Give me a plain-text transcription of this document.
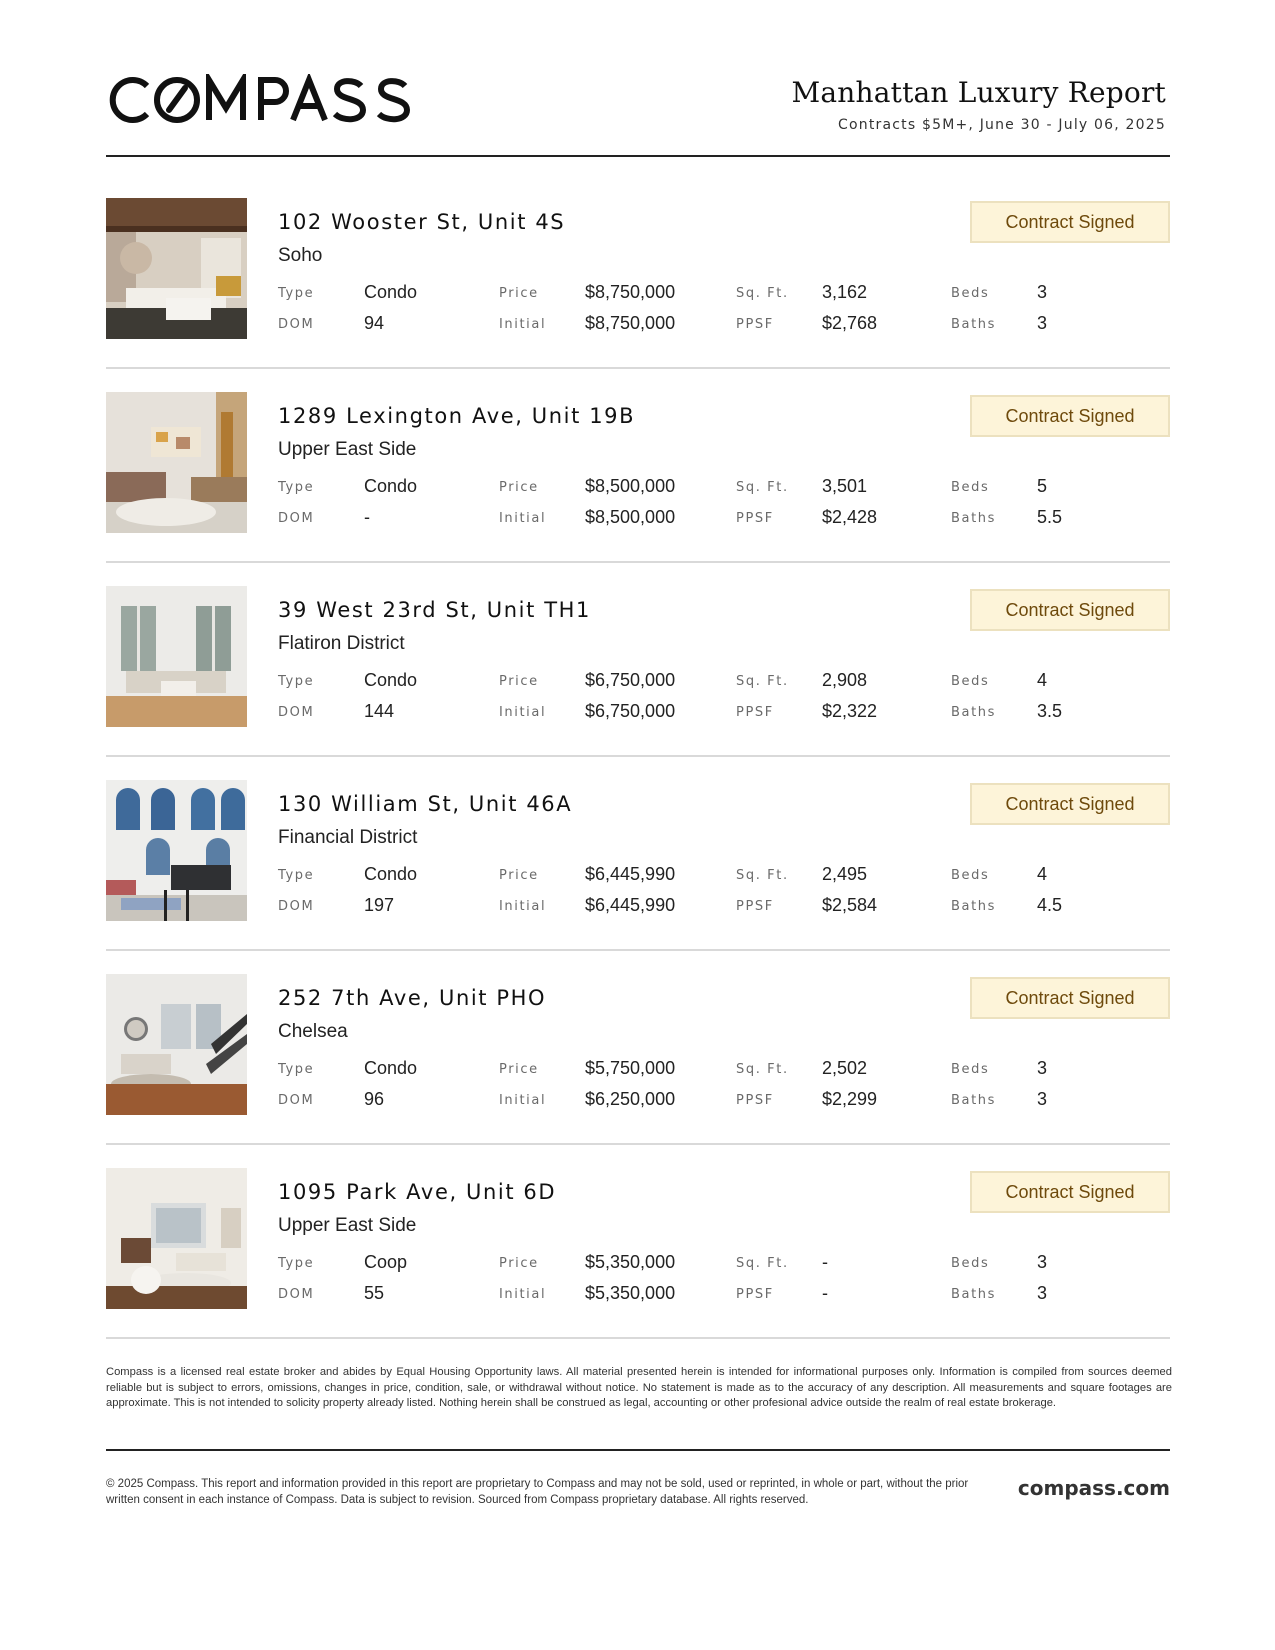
Manhattan Luxury Report
Contracts $5M+, June 30 - July 06, 2025
102 Wooster St, Unit 4S
Soho
Contract Signed
Type	Condo	Price	$8,750,000	Sq. Ft. 3,162	Beds	3
DOM	94	Initial $8,750,000	PPSF	$2,768	Baths 3
1289 Lexington Ave, Unit 19B
Upper East Side
Contract Signed
Type	Condo	Price	$8,500,000	Sq. Ft. 3,501	Beds	5
DOM	-	Initial $8,500,000	PPSF	$2,428	Baths 5.5
39 West 23rd St, Unit TH1
Flatiron District
Contract Signed
Type	Condo	Price	$6,750,000	Sq. Ft. 2,908	Beds	4
DOM	144	Initial $6,750,000	PPSF	$2,322	Baths 3.5
130 William St, Unit 46A
Financial District
Contract Signed
Type	Condo	Price	$6,445,990	Sq. Ft. 2,495	Beds	4
DOM	197	Initial $6,445,990	PPSF	$2,584	Baths 4.5
252 7th Ave, Unit PHO
Chelsea
Contract Signed
Type	Condo	Price	$5,750,000	Sq. Ft. 2,502	Beds	3
DOM	96	Initial $6,250,000	PPSF	$2,299	Baths 3
1095 Park Ave, Unit 6D
Upper East Side
Contract Signed
Type	Coop	Price	$5,350,000	Sq. Ft. -	Beds	3
DOM	55	Initial $5,350,000	PPSF	-	Baths 3
Compass is a licensed real estate broker and abides by Equal Housing Opportunity laws. All material presented herein is intended for informational purposes only. Information is compiled from sources deemed reliable but is subject to errors, omissions, changes in price, condition, sale, or withdrawal without notice. No statement is made as to the accuracy of any description. All measurements and square footages are approximate. This is not intended to solicity property already listed. Nothing herein shall be construed as legal, accounting or other profesional advice outside the realm of real estate brokerage.
© 2025 Compass. This report and information provided in this report are proprietary to Compass and may not be sold, used or reprinted, in whole or part, without the prior written consent in each instance of Compass. Data is subject to revision. Sourced from Compass proprietary database. All rights reserved.	compass.com
